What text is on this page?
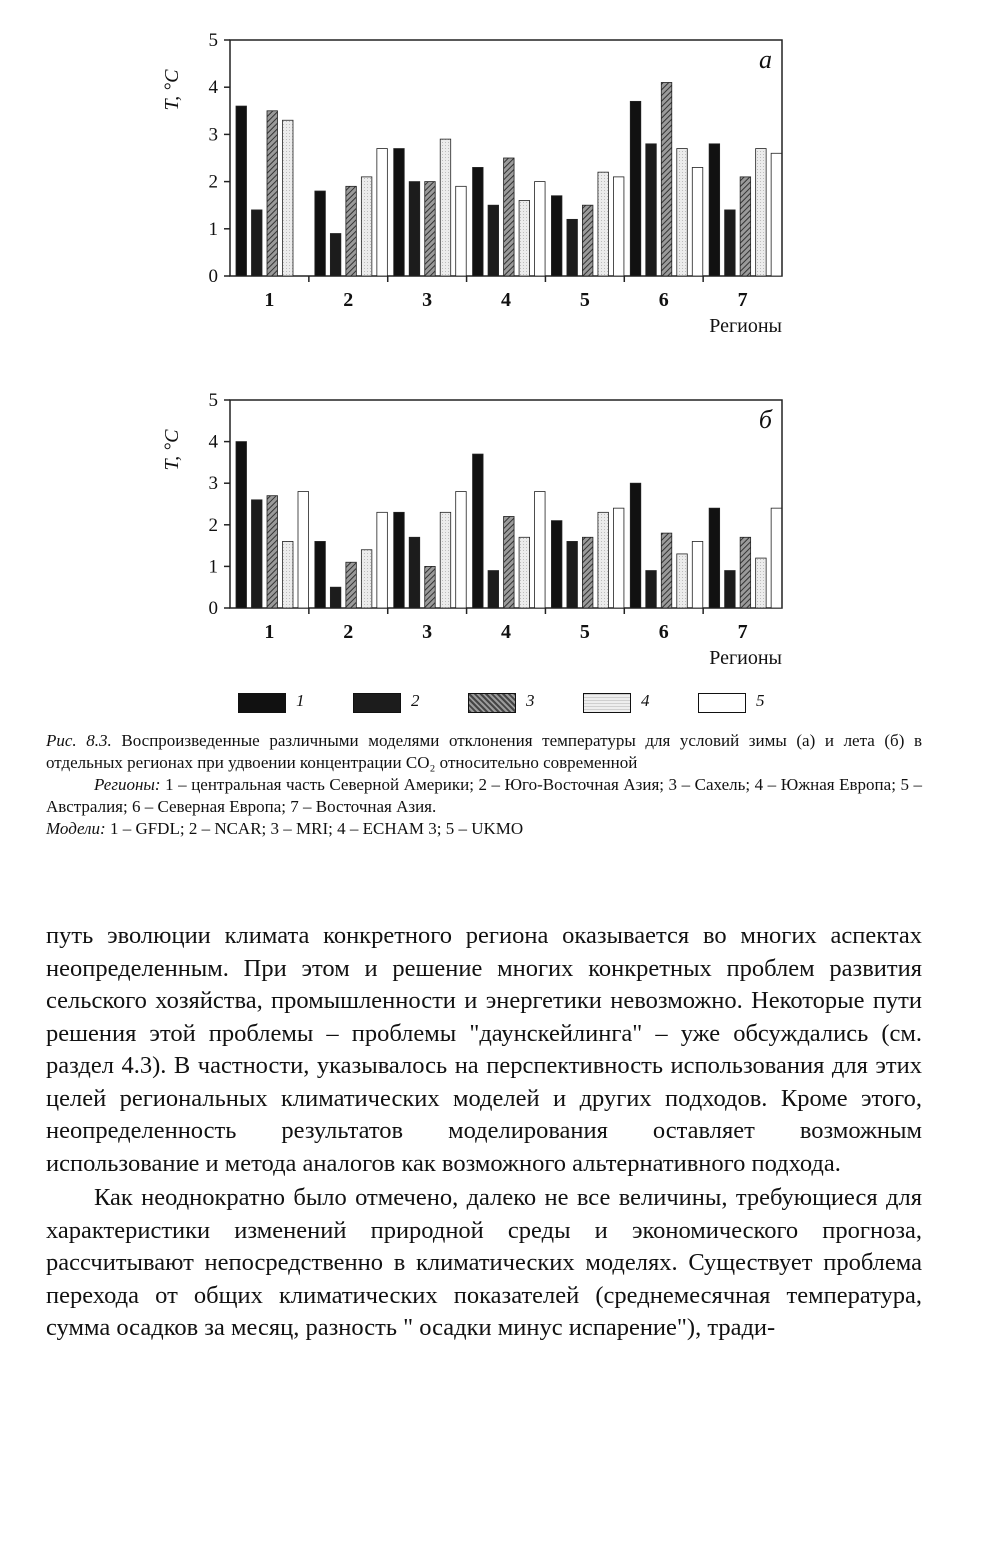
0
1
2
3
4
5
1	2	3	4	5	6	7
T, °C
Регионы
а
0
1
2
3
4
5
1	2	3	4	5	6	7
T, °C
Регионы
б
1	2	3	4	5

Рис. 8.3. Воспроизведенные различными моделями отклонения температуры для условий зимы (а) и лета (б) в отдельных регионах при удвоении концентрации CO₂ относительно современной

Регионы: 1 – центральная часть Северной Америки; 2 – Юго-Восточная Азия; 3 – Сахель; 4 – Южная Европа; 5 – Австралия; 6 – Северная Европа; 7 – Восточная Азия.

Модели: 1 – GFDL; 2 – NCAR; 3 – MRI; 4 – ECHAM 3; 5 – UKMO

путь эволюции климата конкретного региона оказывается во многих аспектах неопределенным. При этом и решение многих конкретных проблем развития сельского хозяйства, промышленности и энергетики невозможно. Некоторые пути решения этой проблемы – проблемы "даунскейлинга" – уже обсуждались (см. раздел 4.3). В частности, указывалось на перспективность использования для этих целей региональных климатических моделей и других подходов. Кроме этого, неопределенность результатов моделирования оставляет возможным использование и метода аналогов как возможного альтернативного подхода.

Как неоднократно было отмечено, далеко не все величины, требующиеся для характеристики изменений природной среды и экономического прогноза, рассчитывают непосредственно в климатических моделях. Существует проблема перехода от общих климатических показателей (среднемесячная температура, сумма осадков за месяц, разность " осадки минус испарение"), тради-
